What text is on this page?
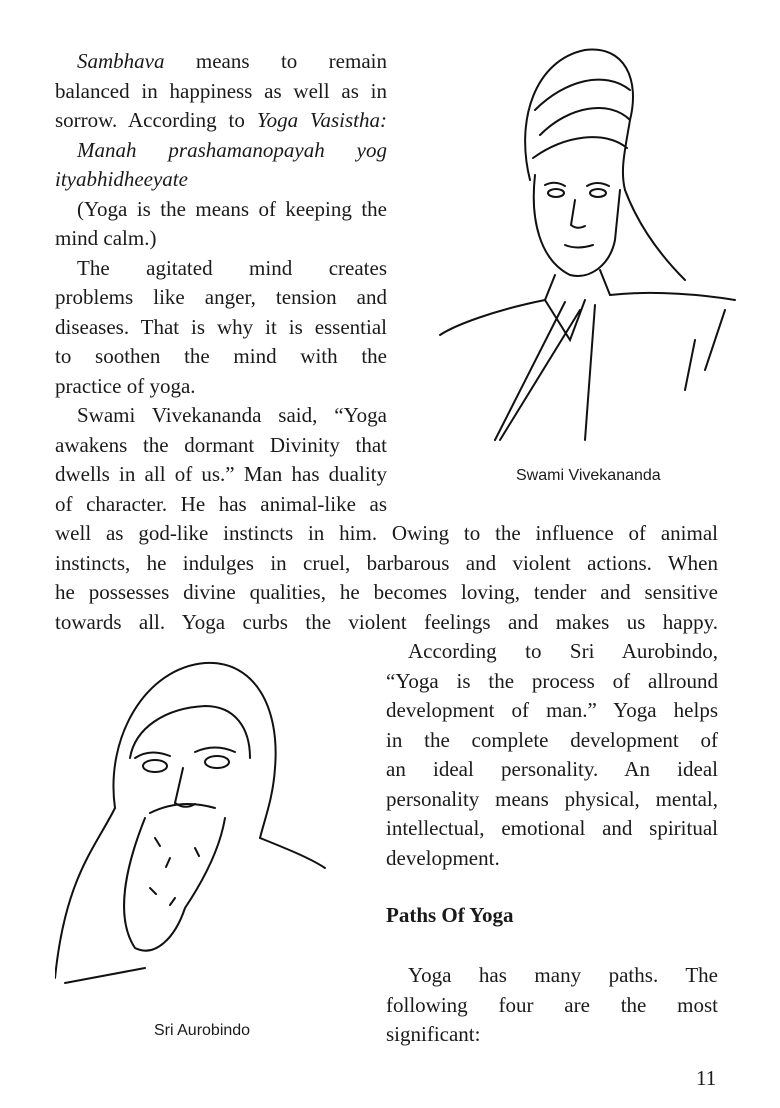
Sambhava means to remain
balanced in happiness as well as in
sorrow. According to Yoga Vasistha:
Manah prashamanopayah yog
ityabhidheeyate
(Yoga is the means of keeping the
mind calm.)
The agitated mind creates
problems like anger, tension and
diseases. That is why it is essential
to soothen the mind with the
practice of yoga.
Swami Vivekananda said, “Yoga
awakens the dormant Divinity that
dwells in all of us.” Man has duality
of character. He has animal-like as
well as god-like instincts in him. Owing to the influence of animal
instincts, he indulges in cruel, barbarous and violent actions. When
he possesses divine qualities, he becomes loving, tender and sensitive
towards all. Yoga curbs the violent feelings and makes us happy.
According to Sri Aurobindo,
“Yoga is the process of allround
development of man.” Yoga helps
in the complete development of
an ideal personality. An ideal
personality means physical, mental,
intellectual, emotional and spiritual
development.
Paths Of Yoga
Yoga has many paths. The
following four are the most
significant:
Swami Vivekananda
Sri Aurobindo
11
